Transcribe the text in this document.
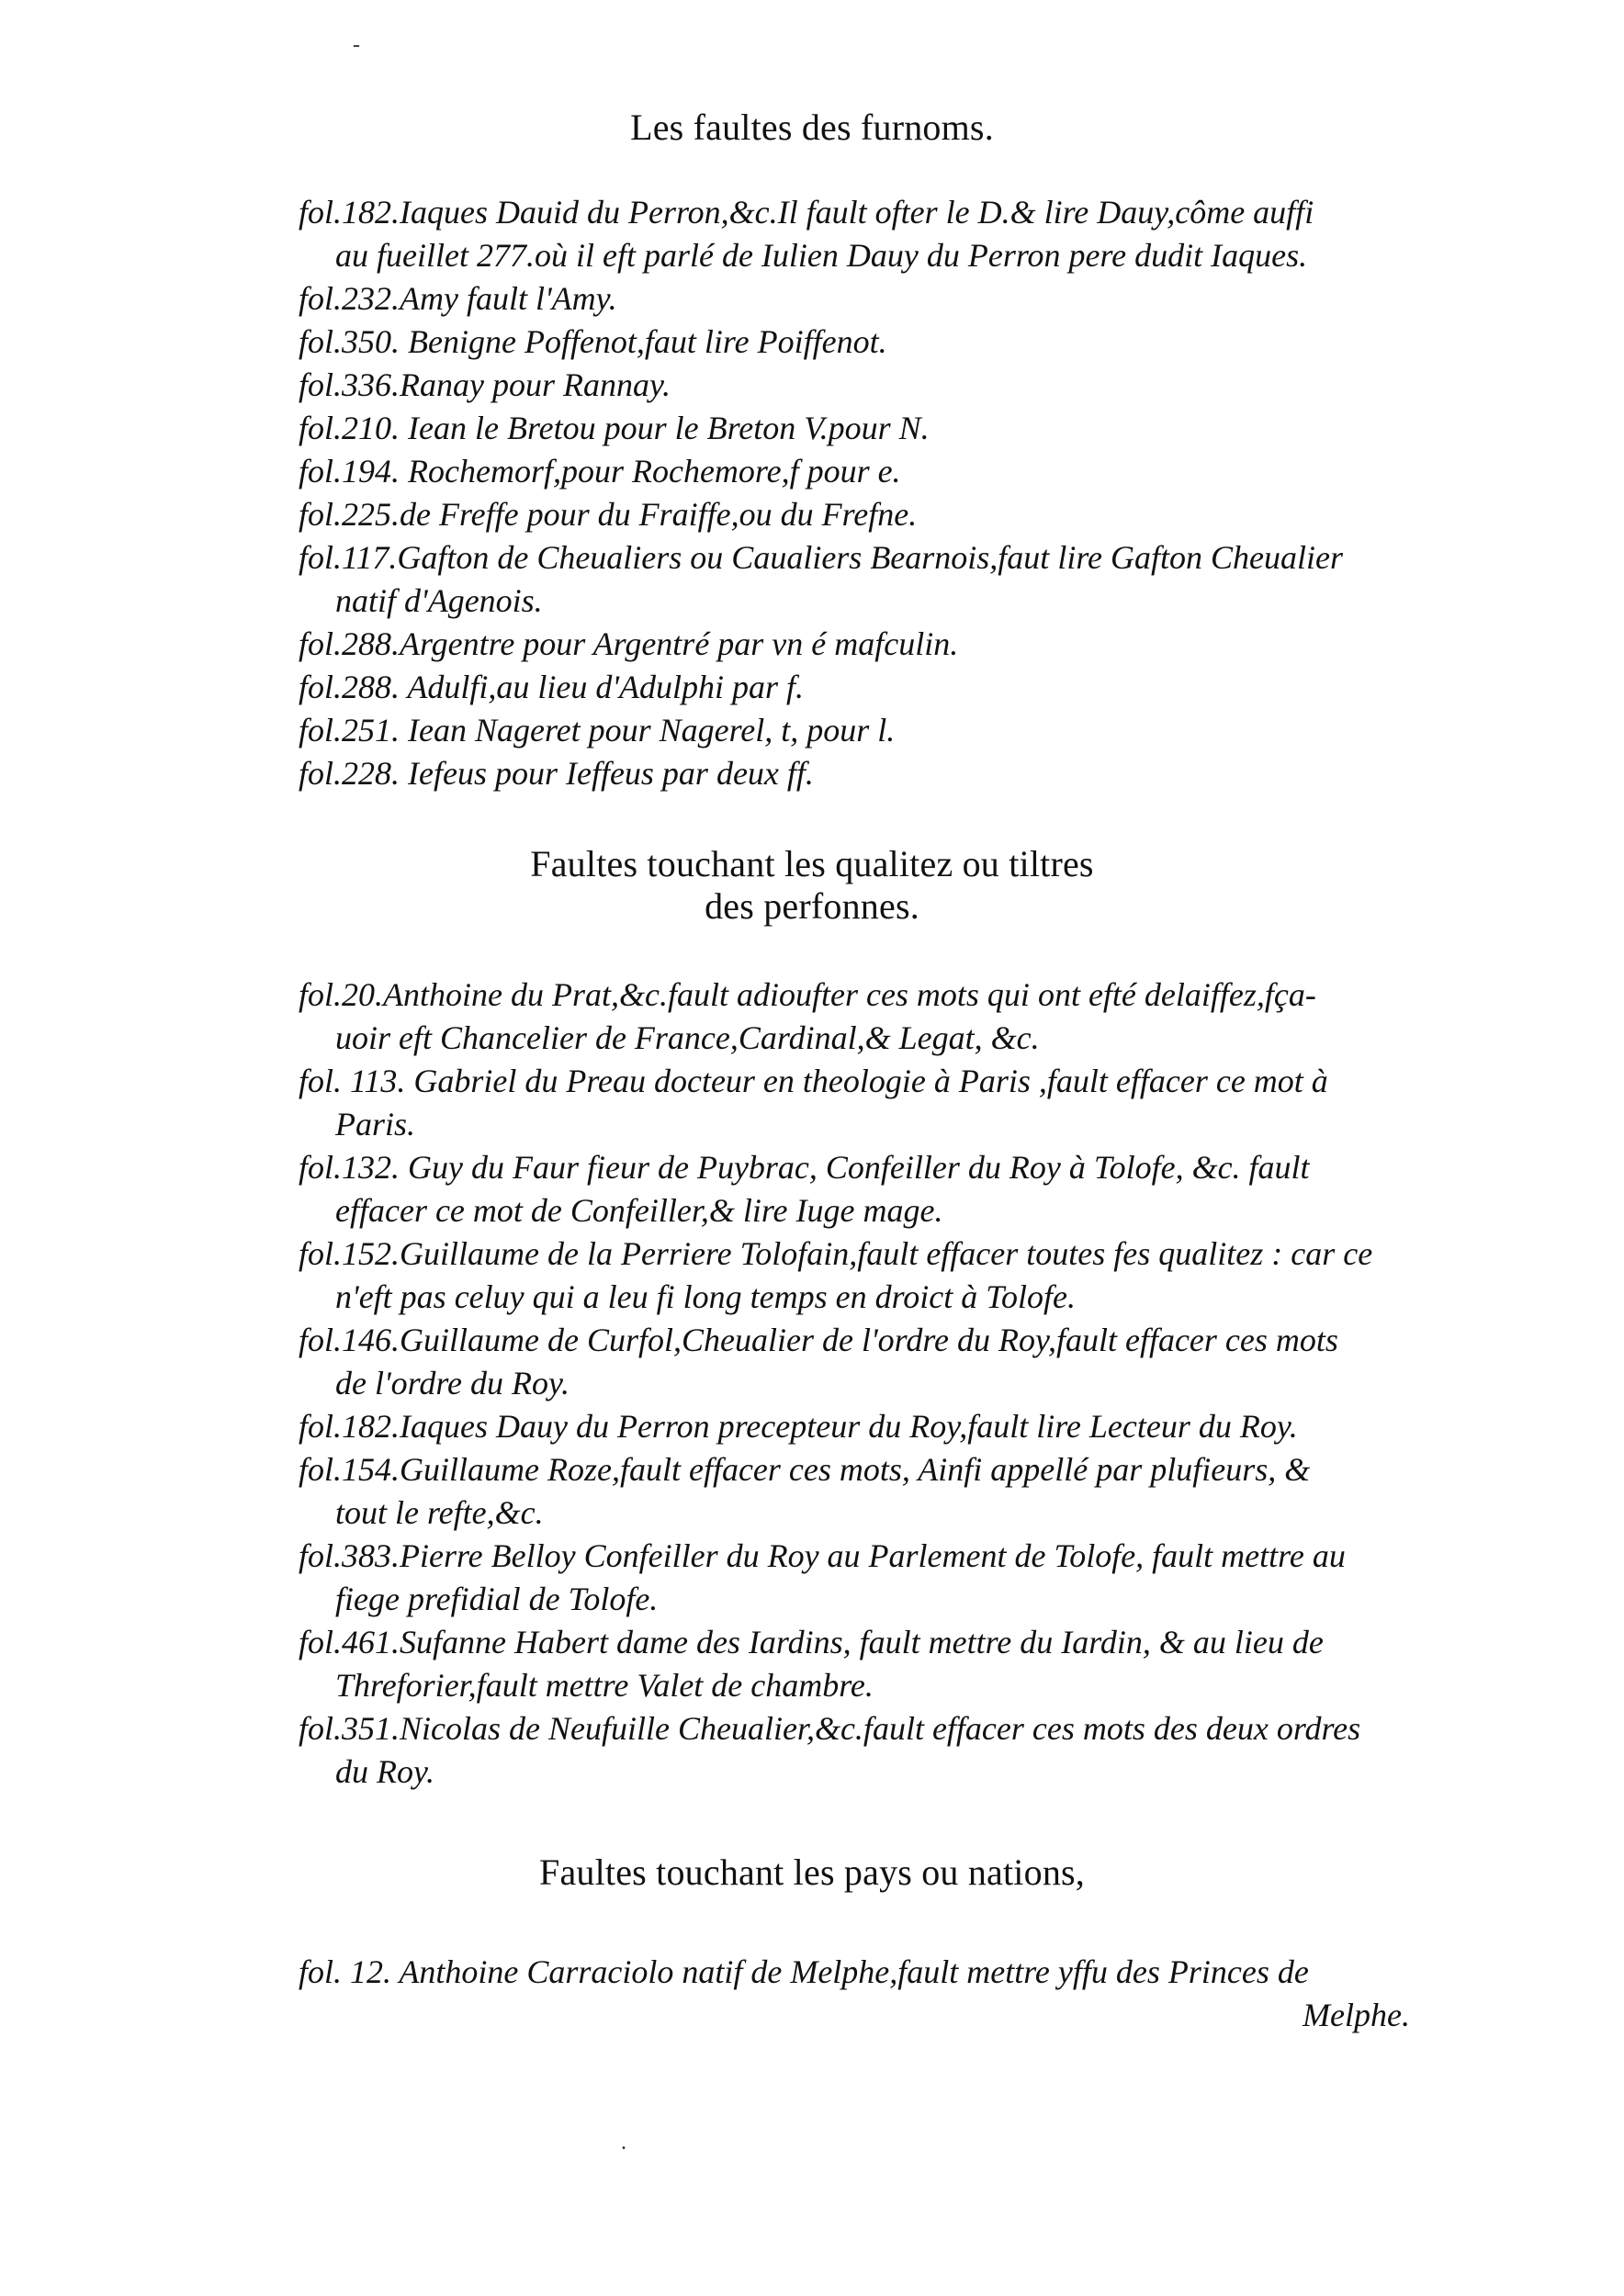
-
Les faultes des furnoms.
fol.182.Iaques Dauid du Perron,&c.Il fault ofter le D.& lire Dauy,côme auffi
au fueillet 277.où il eft parlé de Iulien Dauy du Perron pere dudit Iaques.
fol.232.Amy fault l'Amy.
fol.350. Benigne Poffenot,faut lire Poiffenot.
fol.336.Ranay pour Rannay.
fol.210. Iean le Bretou pour le Breton V.pour N.
fol.194. Rochemorf,pour Rochemore,f pour e.
fol.225.de Freffe pour du Fraiffe,ou du Frefne.
fol.117.Gafton de Cheualiers ou Caualiers Bearnois,faut lire Gafton Cheualier
natif d'Agenois.
fol.288.Argentre pour Argentré par vn é mafculin.
fol.288. Adulfi,au lieu d'Adulphi par f.
fol.251. Iean Nageret pour Nagerel, t, pour l.
fol.228. Iefeus pour Ieffeus par deux ff.
Faultes touchant les qualitez ou tiltres
des perfonnes.
fol.20.Anthoine du Prat,&c.fault adioufter ces mots qui ont efté delaiffez,fça-
uoir eft Chancelier de France,Cardinal,& Legat, &c.
fol. 113. Gabriel du Preau docteur en theologie à Paris ,fault effacer ce mot à
Paris.
fol.132. Guy du Faur fieur de Puybrac, Confeiller du Roy à Tolofe, &c. fault
effacer ce mot de Confeiller,& lire Iuge mage.
fol.152.Guillaume de la Perriere Tolofain,fault effacer toutes fes qualitez : car ce
n'eft pas celuy qui a leu fi long temps en droict à Tolofe.
fol.146.Guillaume de Curfol,Cheualier de l'ordre du Roy,fault effacer ces mots
de l'ordre du Roy.
fol.182.Iaques Dauy du Perron precepteur du Roy,fault lire Lecteur du Roy.
fol.154.Guillaume Roze,fault effacer ces mots, Ainfi appellé par plufieurs, &
tout le refte,&c.
fol.383.Pierre Belloy Confeiller du Roy au Parlement de Tolofe, fault mettre au
fiege prefidial de Tolofe.
fol.461.Sufanne Habert dame des Iardins, fault mettre du Iardin, & au lieu de
Threforier,fault mettre Valet de chambre.
fol.351.Nicolas de Neufuille Cheualier,&c.fault effacer ces mots des deux ordres
du Roy.
Faultes touchant les pays ou nations,
fol. 12. Anthoine Carraciolo natif de Melphe,fault mettre yffu des Princes de
Melphe.
.
